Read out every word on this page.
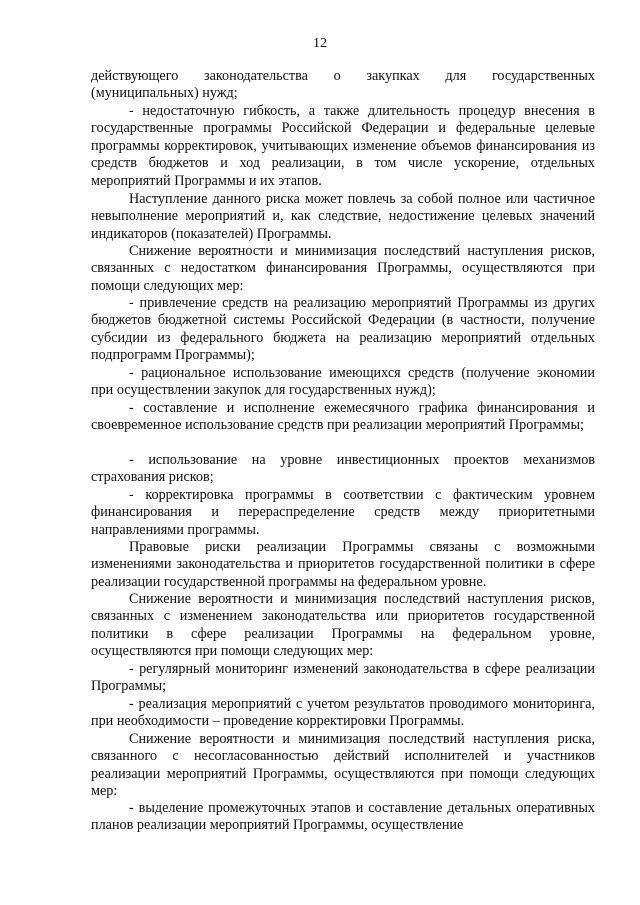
12
действующего законодательства о закупках для государственных (муниципальных) нужд;
- недостаточную гибкость, а также длительность процедур внесения в государственные программы Российской Федерации и федеральные целевые программы корректировок, учитывающих изменение объемов финансирования из средств бюджетов и ход реализации, в том числе ускорение, отдельных мероприятий Программы и их этапов.
Наступление данного риска может повлечь за собой полное или частичное невыполнение мероприятий и, как следствие, недостижение целевых значений индикаторов (показателей) Программы.
Снижение вероятности и минимизация последствий наступления рисков, связанных с недостатком финансирования Программы, осуществляются при помощи следующих мер:
- привлечение средств на реализацию мероприятий Программы из других бюджетов бюджетной системы Российской Федерации (в частности, получение субсидии из федерального бюджета на реализацию мероприятий отдельных подпрограмм Программы);
- рациональное использование имеющихся средств (получение экономии при осуществлении закупок для государственных нужд);
- составление и исполнение ежемесячного графика финансирования и своевременное использование средств при реализации мероприятий Программы;
- использование на уровне инвестиционных проектов механизмов страхования рисков;
- корректировка программы в соответствии с фактическим уровнем финансирования и перераспределение средств между приоритетными направлениями программы.
Правовые риски реализации Программы связаны с возможными изменениями законодательства и приоритетов государственной политики в сфере реализации государственной программы на федеральном уровне.
Снижение вероятности и минимизация последствий наступления рисков, связанных с изменением законодательства или приоритетов государственной политики в сфере реализации Программы на федеральном уровне, осуществляются при помощи следующих мер:
- регулярный мониторинг изменений законодательства в сфере реализации Программы;
- реализация мероприятий с учетом результатов проводимого мониторинга, при необходимости – проведение корректировки Программы.
Снижение вероятности и минимизация последствий наступления риска, связанного с несогласованностью действий исполнителей и участников реализации мероприятий Программы, осуществляются при помощи следующих мер:
- выделение промежуточных этапов и составление детальных оперативных планов реализации мероприятий Программы, осуществление
